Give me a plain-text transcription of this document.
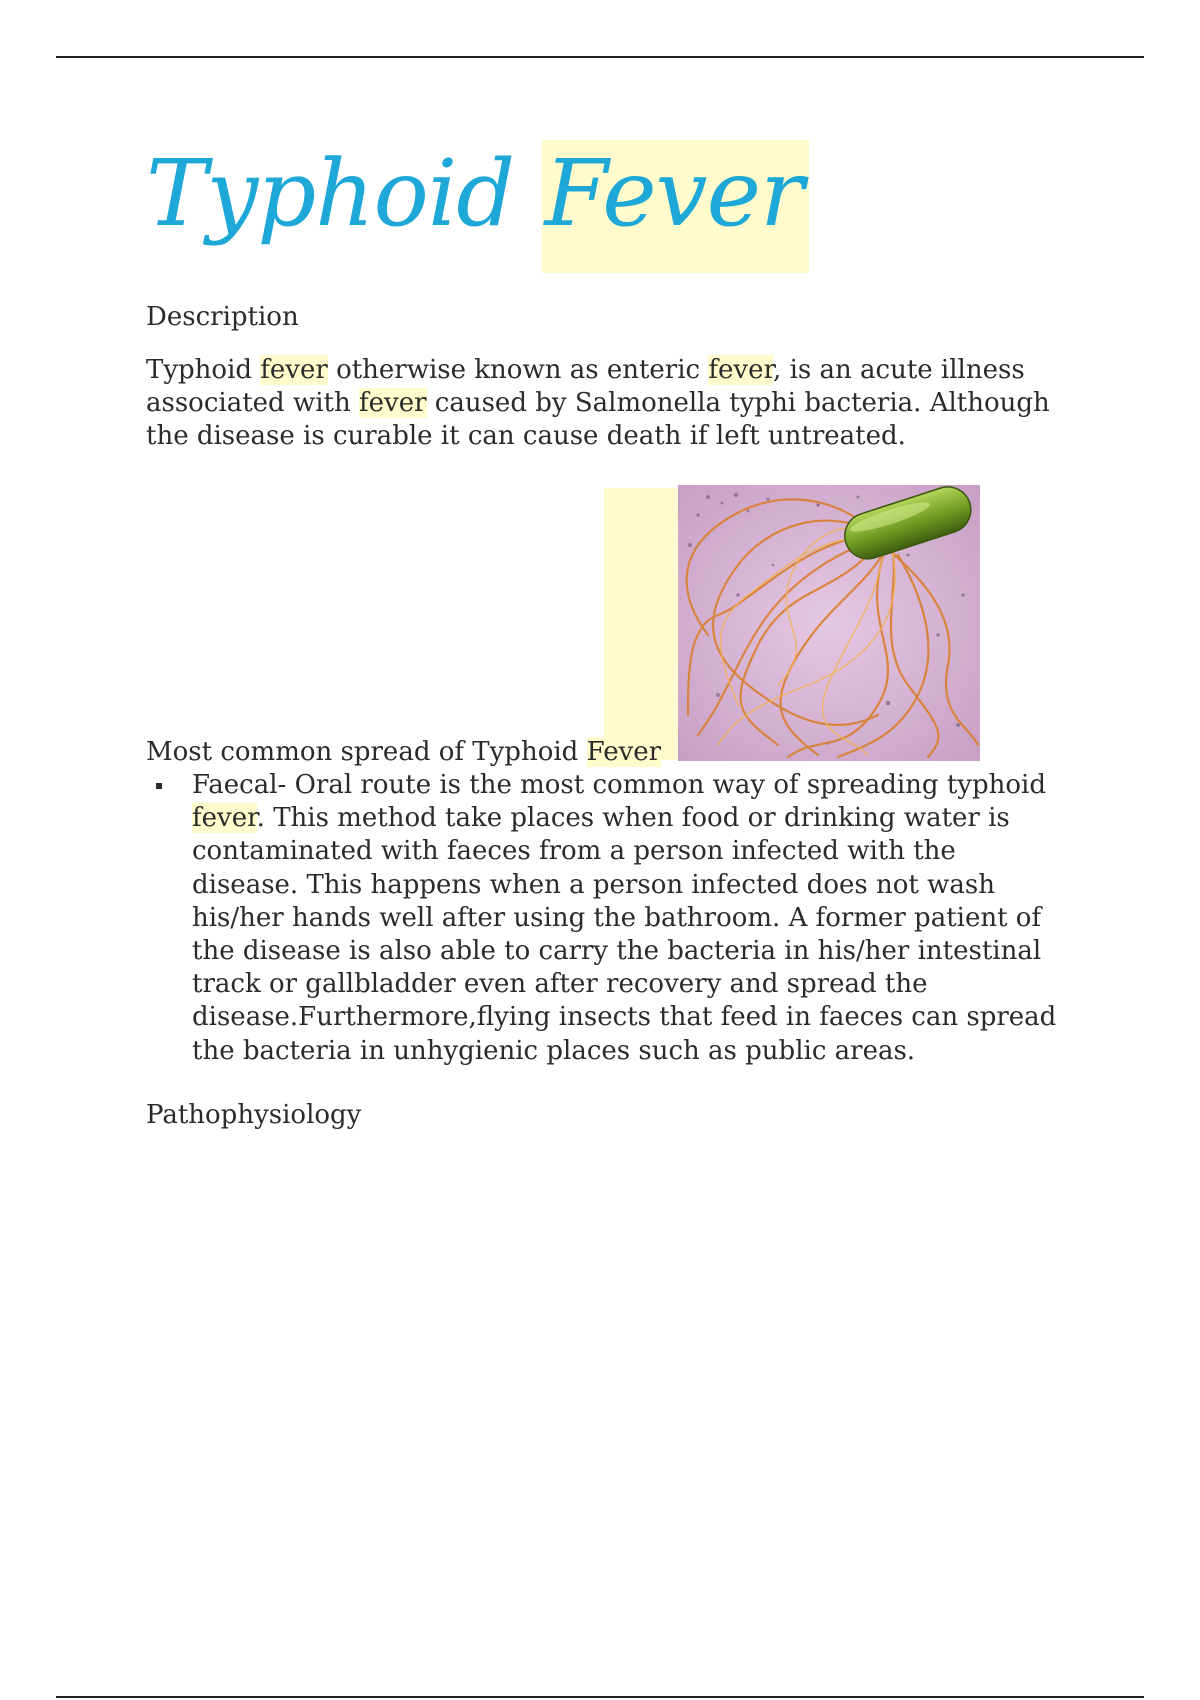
Typhoid Fever
Description

Typhoid fever otherwise known as enteric fever, is an acute illness associated with fever caused by Salmonella typhi bacteria. Although the disease is curable it can cause death if left untreated.

Most common spread of Typhoid Fever
Faecal- Oral route is the most common way of spreading typhoid fever. This method take places when food or drinking water is contaminated with faeces from a person infected with the disease. This happens when a person infected does not wash his/her hands well after using the bathroom. A former patient of the disease is also able to carry the bacteria in his/her intestinal track or gallbladder even after recovery and spread the disease.Furthermore,flying insects that feed in faeces can spread the bacteria in unhygienic places such as public areas.
Pathophysiology
